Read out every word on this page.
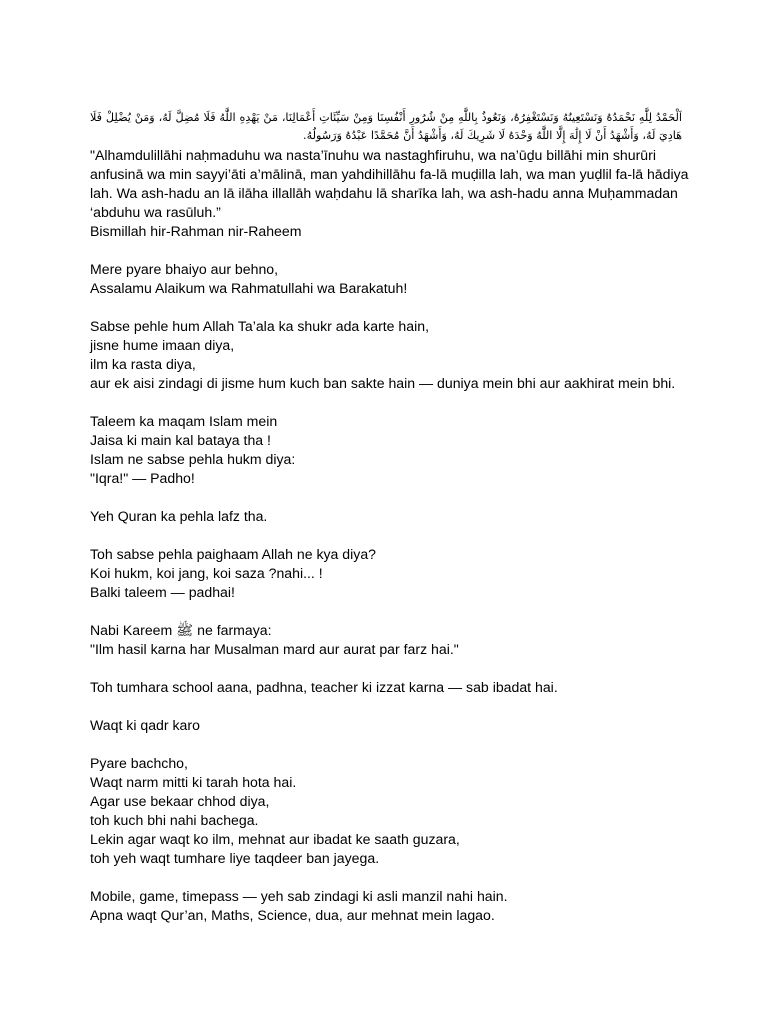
اَلْحَمْدُ لِلَّٰهِ نَحْمَدُهُ وَنَسْتَعِينُهُ وَنَسْتَغْفِرُهُ، وَنَعُوذُ بِاللَّٰهِ مِنْ شُرُورِ أَنْفُسِنَا وَمِنْ سَيِّئَاتِ أَعْمَالِنَا، مَنْ يَهْدِهِ اللَّٰهُ فَلَا مُضِلَّ لَهُ، وَمَنْ يُضْلِلْ فَلَا هَادِيَ لَهُ، وَأَشْهَدُ أَنْ لَا إِلَٰهَ إِلَّا اللَّٰهُ وَحْدَهُ لَا شَرِيكَ لَهُ، وَأَشْهَدُ أَنَّ مُحَمَّدًا عَبْدُهُ وَرَسُولُهُ.
"Alhamdulillāhi naḥmaduhu wa nasta’īnuhu wa nastaghfiruhu, wa na’ūḏu billāhi min shurūri
anfusinā wa min sayyi’āti a’mālinā, man yahdihillāhu fa-lā muḍilla lah, wa man yuḍlil fa-lā hādiya
lah. Wa ash-hadu an lā ilāha illallāh waḥdahu lā sharīka lah, wa ash-hadu anna Muḥammadan
‘abduhu wa rasūluh.”
Bismillah hir-Rahman nir-Raheem
Mere pyare bhaiyo aur behno,
Assalamu Alaikum wa Rahmatullahi wa Barakatuh!
Sabse pehle hum Allah Ta’ala ka shukr ada karte hain,
jisne hume imaan diya,
ilm ka rasta diya,
aur ek aisi zindagi di jisme hum kuch ban sakte hain — duniya mein bhi aur aakhirat mein bhi.
Taleem ka maqam Islam mein
Jaisa ki main kal bataya tha !
Islam ne sabse pehla hukm diya:
"Iqra!" — Padho!
Yeh Quran ka pehla lafz tha.
Toh sabse pehla paighaam Allah ne kya diya?
Koi hukm, koi jang, koi saza ?nahi... !
Balki taleem — padhai!
Nabi Kareem ﷺ ne farmaya:
"Ilm hasil karna har Musalman mard aur aurat par farz hai."
Toh tumhara school aana, padhna, teacher ki izzat karna — sab ibadat hai.
Waqt ki qadr karo
Pyare bachcho,
Waqt narm mitti ki tarah hota hai.
Agar use bekaar chhod diya,
toh kuch bhi nahi bachega.
Lekin agar waqt ko ilm, mehnat aur ibadat ke saath guzara,
toh yeh waqt tumhare liye taqdeer ban jayega.
Mobile, game, timepass — yeh sab zindagi ki asli manzil nahi hain.
Apna waqt Qur’an, Maths, Science, dua, aur mehnat mein lagao.
